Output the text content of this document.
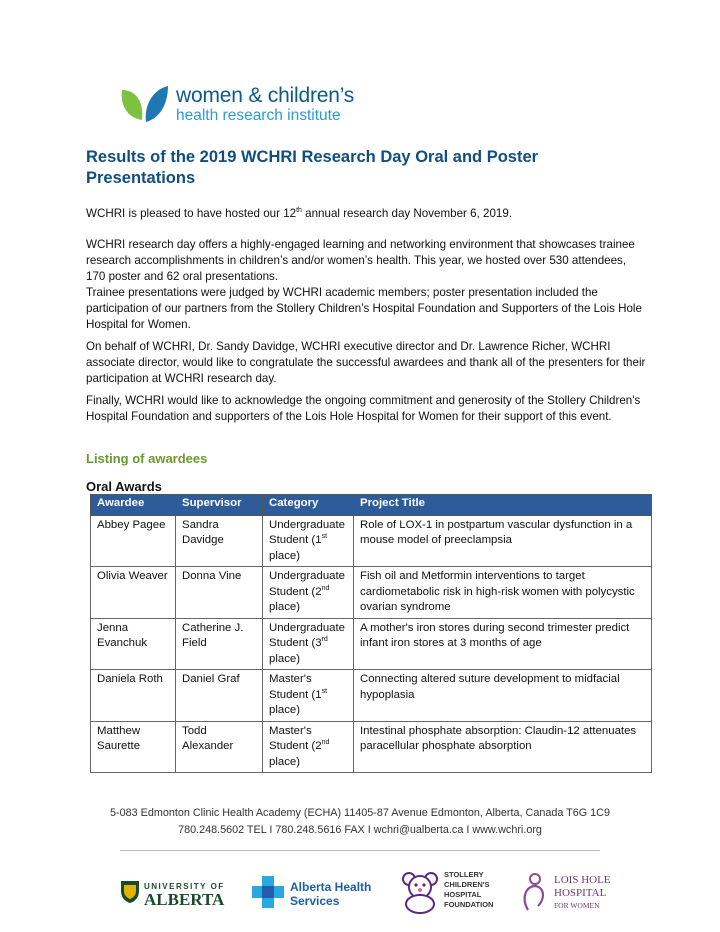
women & children’s
health research institute
Results of the 2019 WCHRI Research Day Oral and Poster Presentations

WCHRI is pleased to have hosted our 12th annual research day November 6, 2019.

WCHRI research day offers a highly-engaged learning and networking environment that showcases trainee research accomplishments in children’s and/or women’s health. This year, we hosted over 530 attendees, 170 poster and 62 oral presentations.

Trainee presentations were judged by WCHRI academic members; poster presentation included the participation of our partners from the Stollery Children’s Hospital Foundation and Supporters of the Lois Hole Hospital for Women.

On behalf of WCHRI, Dr. Sandy Davidge, WCHRI executive director and Dr. Lawrence Richer, WCHRI associate director, would like to congratulate the successful awardees and thank all of the presenters for their participation at WCHRI research day.

Finally, WCHRI would like to acknowledge the ongoing commitment and generosity of the Stollery Children's Hospital Foundation and supporters of the Lois Hole Hospital for Women for their support of this event.

Listing of awardees
Oral Awards
Awardee	Supervisor	Category	Project Title
Abbey Pagee	Sandra Davidge	Undergraduate Student (1st place)	Role of LOX-1 in postpartum vascular dysfunction in a mouse model of preeclampsia
Olivia Weaver	Donna Vine	Undergraduate Student (2nd place)	Fish oil and Metformin interventions to target cardiometabolic risk in high-risk women with polycystic ovarian syndrome
Jenna Evanchuk	Catherine J. Field	Undergraduate Student (3rd place)	A mother's iron stores during second trimester predict infant iron stores at 3 months of age
Daniela Roth	Daniel Graf	Master's Student (1st place)	Connecting altered suture development to midfacial hypoplasia
Matthew Saurette	Todd Alexander	Master's Student (2nd place)	Intestinal phosphate absorption: Claudin-12 attenuates paracellular phosphate absorption

5-083 Edmonton Clinic Health Academy (ECHA) 11405-87 Avenue Edmonton, Alberta, Canada T6G 1C9

780.248.5602 TEL I 780.248.5616 FAX I wchri@ualberta.ca I www.wchri.org

UNIVERSITY OF
ALBERTA
Alberta Health
Services
STOLLERY
CHILDREN'S
HOSPITAL
FOUNDATION
LOIS HOLE
HOSPITAL
FOR WOMEN
